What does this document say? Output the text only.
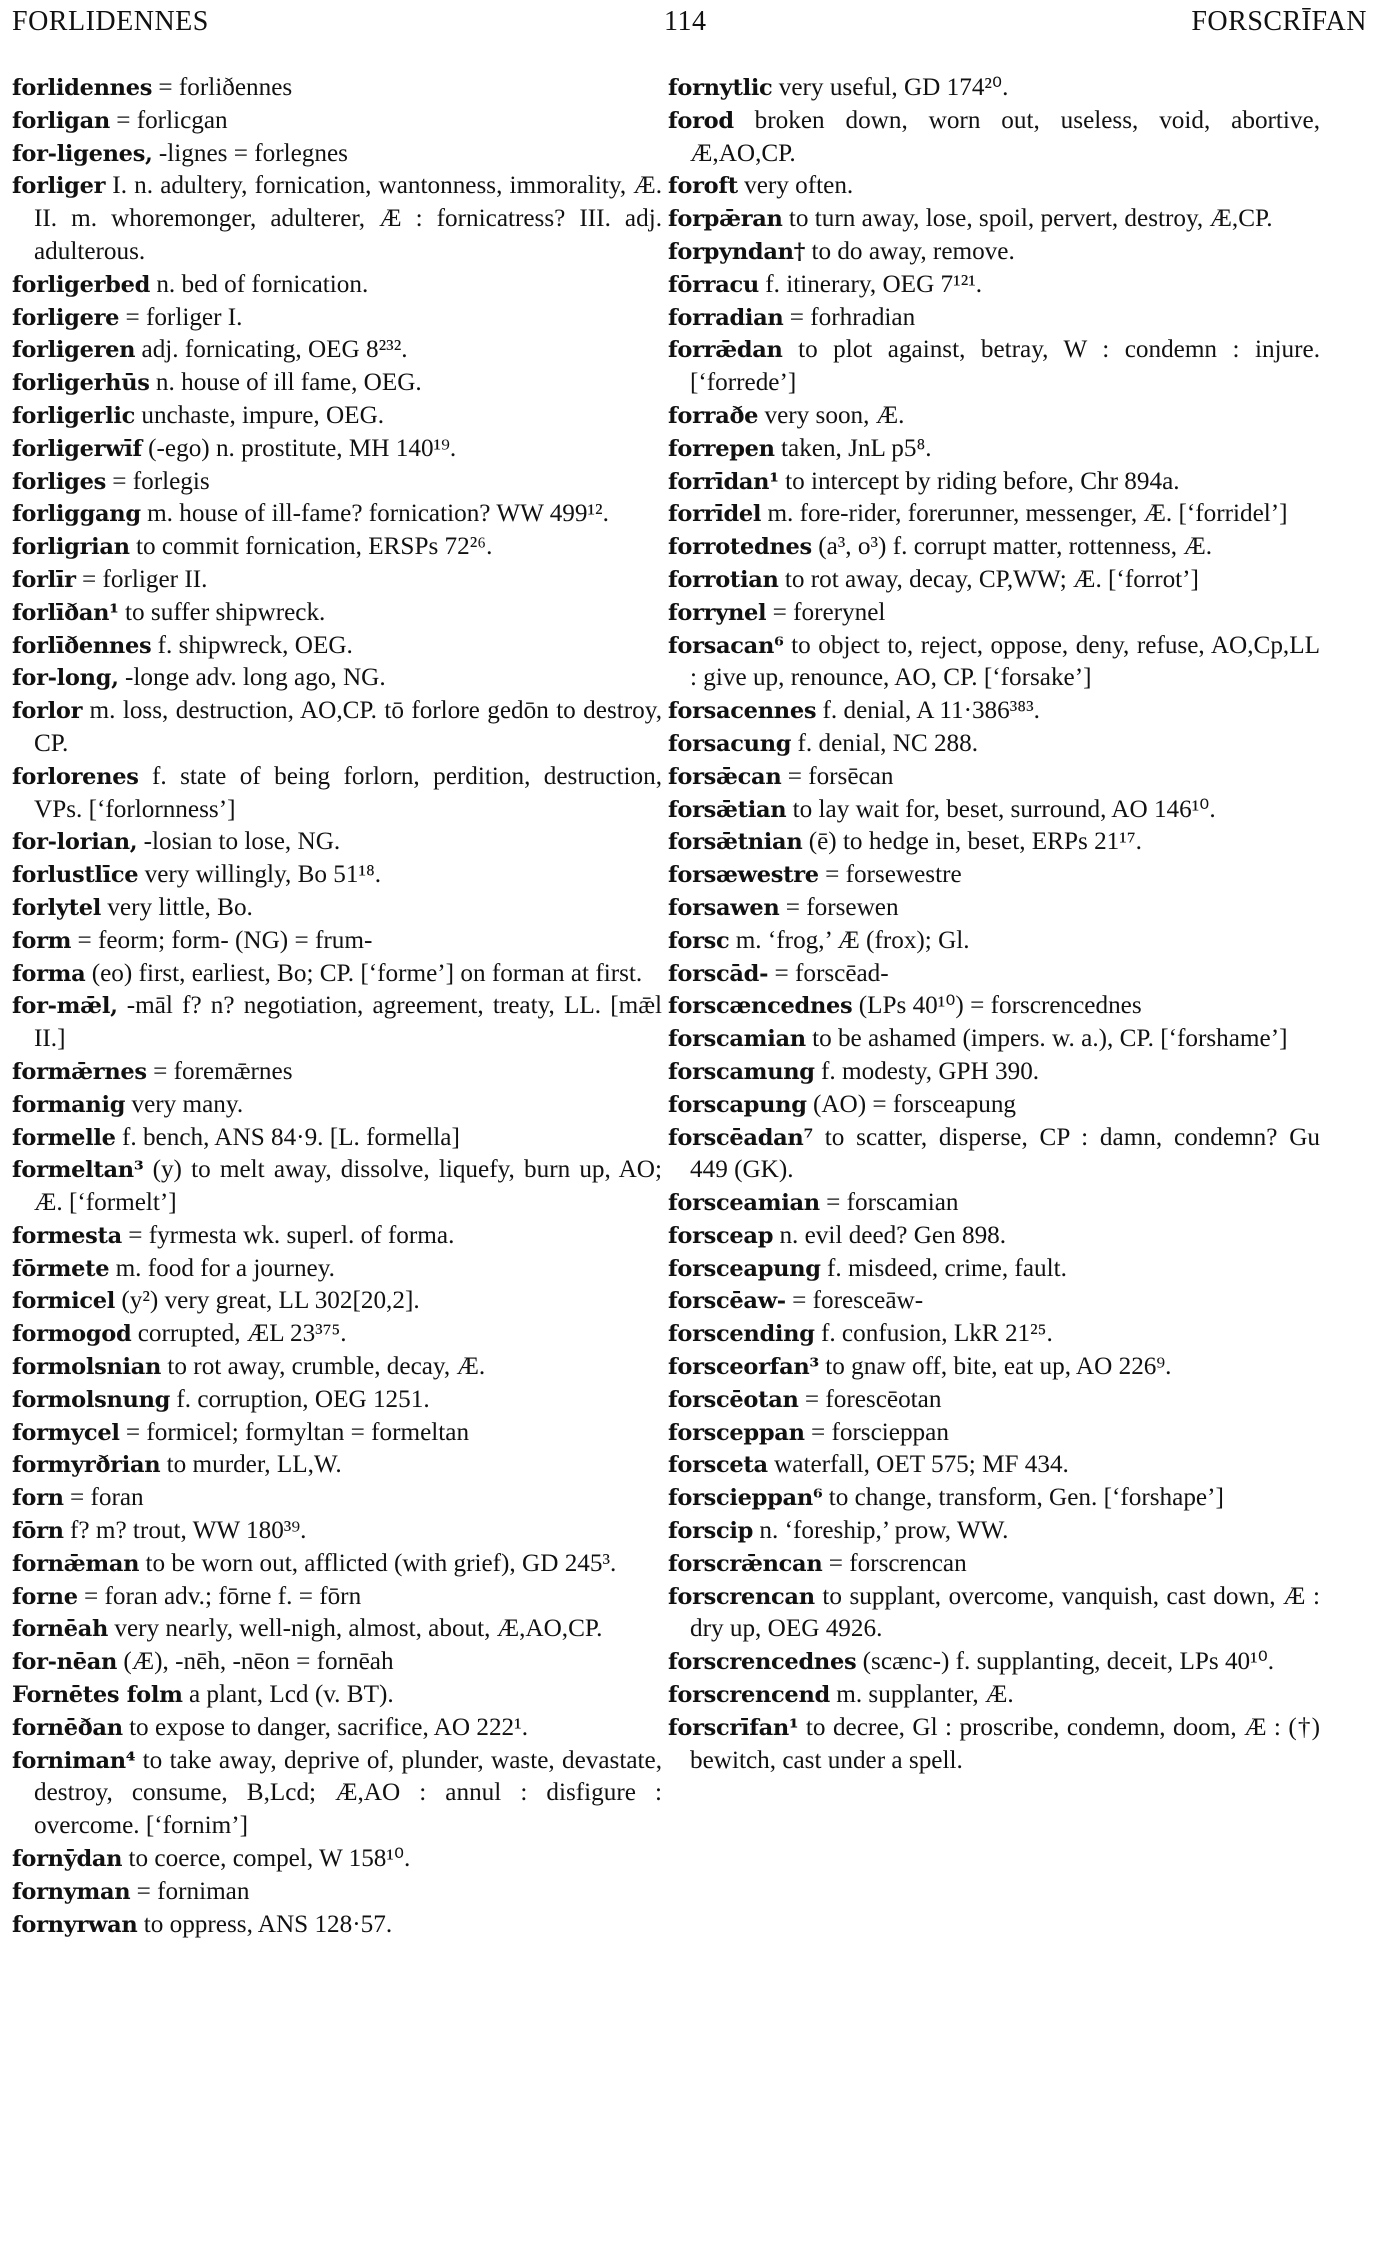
FORLIDENNES	114	FORSCRĪFAN
forlidennes = forliðennes
forligan = forlicgan
for-ligenes, -lignes = forlegnes
forliger I. n. adultery, fornication, wantonness, immorality, Æ. II. m. whoremonger, adulterer, Æ : fornicatress? III. adj. adulterous.
forligerbed n. bed of fornication.
forligere = forliger I.
forligeren adj. fornicating, OEG 8²³².
forligerhūs n. house of ill fame, OEG.
forligerlic unchaste, impure, OEG.
forligerwīf (-ego) n. prostitute, MH 140¹⁹.
forliges = forlegis
forliggang m. house of ill-fame? fornication? WW 499¹².
forligrian to commit fornication, ERSPs 72²⁶.
forlīr = forliger II.
forlīðan¹ to suffer shipwreck.
forlīðennes f. shipwreck, OEG.
for-long, -longe adv. long ago, NG.
forlor m. loss, destruction, AO,CP. tō forlore gedōn to destroy, CP.
forlorenes f. state of being forlorn, perdition, destruction, VPs. [‘forlornness’]
for-lorian, -losian to lose, NG.
forlustlīce very willingly, Bo 51¹⁸.
forlytel very little, Bo.
form = feorm; form- (NG) = frum-
forma (eo) first, earliest, Bo; CP. [‘forme’] on forman at first.
for-mǣl, -māl f? n? negotiation, agreement, treaty, LL. [mǣl II.]
formǣrnes = foremǣrnes
formanig very many.
formelle f. bench, ANS 84·9. [L. formella]
formeltan³ (y) to melt away, dissolve, liquefy, burn up, AO; Æ. [‘formelt’]
formesta = fyrmesta wk. superl. of forma.
fōrmete m. food for a journey.
formicel (y²) very great, LL 302[20,2].
formogod corrupted, ÆL 23³⁷⁵.
formolsnian to rot away, crumble, decay, Æ.
formolsnung f. corruption, OEG 1251.
formycel = formicel; formyltan = formeltan
formyrðrian to murder, LL,W.
forn = foran
fōrn f? m? trout, WW 180³⁹.
fornǣman to be worn out, afflicted (with grief), GD 245³.
forne = foran adv.; fōrne f. = fōrn
fornēah very nearly, well-nigh, almost, about, Æ,AO,CP.
for-nēan (Æ), -nēh, -nēon = fornēah
Fornētes folm a plant, Lcd (v. BT).
fornēðan to expose to danger, sacrifice, AO 222¹.
forniman⁴ to take away, deprive of, plunder, waste, devastate, destroy, consume, B,Lcd; Æ,AO : annul : disfigure : overcome. [‘fornim’]
fornȳdan to coerce, compel, W 158¹⁰.
fornyman = forniman
fornyrwan to oppress, ANS 128·57.
fornytlic very useful, GD 174²⁰.
forod broken down, worn out, useless, void, abortive, Æ,AO,CP.
foroft very often.
forpǣran to turn away, lose, spoil, pervert, destroy, Æ,CP.
forpyndan† to do away, remove.
fōrracu f. itinerary, OEG 7¹²¹.
forradian = forhradian
forrǣdan to plot against, betray, W : condemn : injure. [‘forrede’]
forraðe very soon, Æ.
forrepen taken, JnL p5⁸.
forrīdan¹ to intercept by riding before, Chr 894a.
forrīdel m. fore-rider, forerunner, messenger, Æ. [‘forridel’]
forrotednes (a³, o³) f. corrupt matter, rottenness, Æ.
forrotian to rot away, decay, CP,WW; Æ. [‘forrot’]
forrynel = forerynel
forsacan⁶ to object to, reject, oppose, deny, refuse, AO,Cp,LL : give up, renounce, AO, CP. [‘forsake’]
forsacennes f. denial, A 11·386³⁸³.
forsacung f. denial, NC 288.
forsǣcan = forsēcan
forsǣtian to lay wait for, beset, surround, AO 146¹⁰.
forsǣtnian (ē) to hedge in, beset, ERPs 21¹⁷.
forsæwestre = forsewestre
forsawen = forsewen
forsc m. ‘frog,’ Æ (frox); Gl.
forscād- = forscēad-
forscæncednes (LPs 40¹⁰) = forscrencednes
forscamian to be ashamed (impers. w. a.), CP. [‘forshame’]
forscamung f. modesty, GPH 390.
forscapung (AO) = forsceapung
forscēadan⁷ to scatter, disperse, CP : damn, condemn? Gu 449 (GK).
forsceamian = forscamian
forsceap n. evil deed? Gen 898.
forsceapung f. misdeed, crime, fault.
forscēaw- = foresceāw-
forscending f. confusion, LkR 21²⁵.
forsceorfan³ to gnaw off, bite, eat up, AO 226⁹.
forscēotan = forescēotan
forsceppan = forscieppan
forsceta waterfall, OET 575; MF 434.
forscieppan⁶ to change, transform, Gen. [‘forshape’]
forscip n. ‘foreship,’ prow, WW.
forscrǣncan = forscrencan
forscrencan to supplant, overcome, vanquish, cast down, Æ : dry up, OEG 4926.
forscrencednes (scænc-) f. supplanting, deceit, LPs 40¹⁰.
forscrencend m. supplanter, Æ.
forscrīfan¹ to decree, Gl : proscribe, condemn, doom, Æ : (†) bewitch, cast under a spell.
